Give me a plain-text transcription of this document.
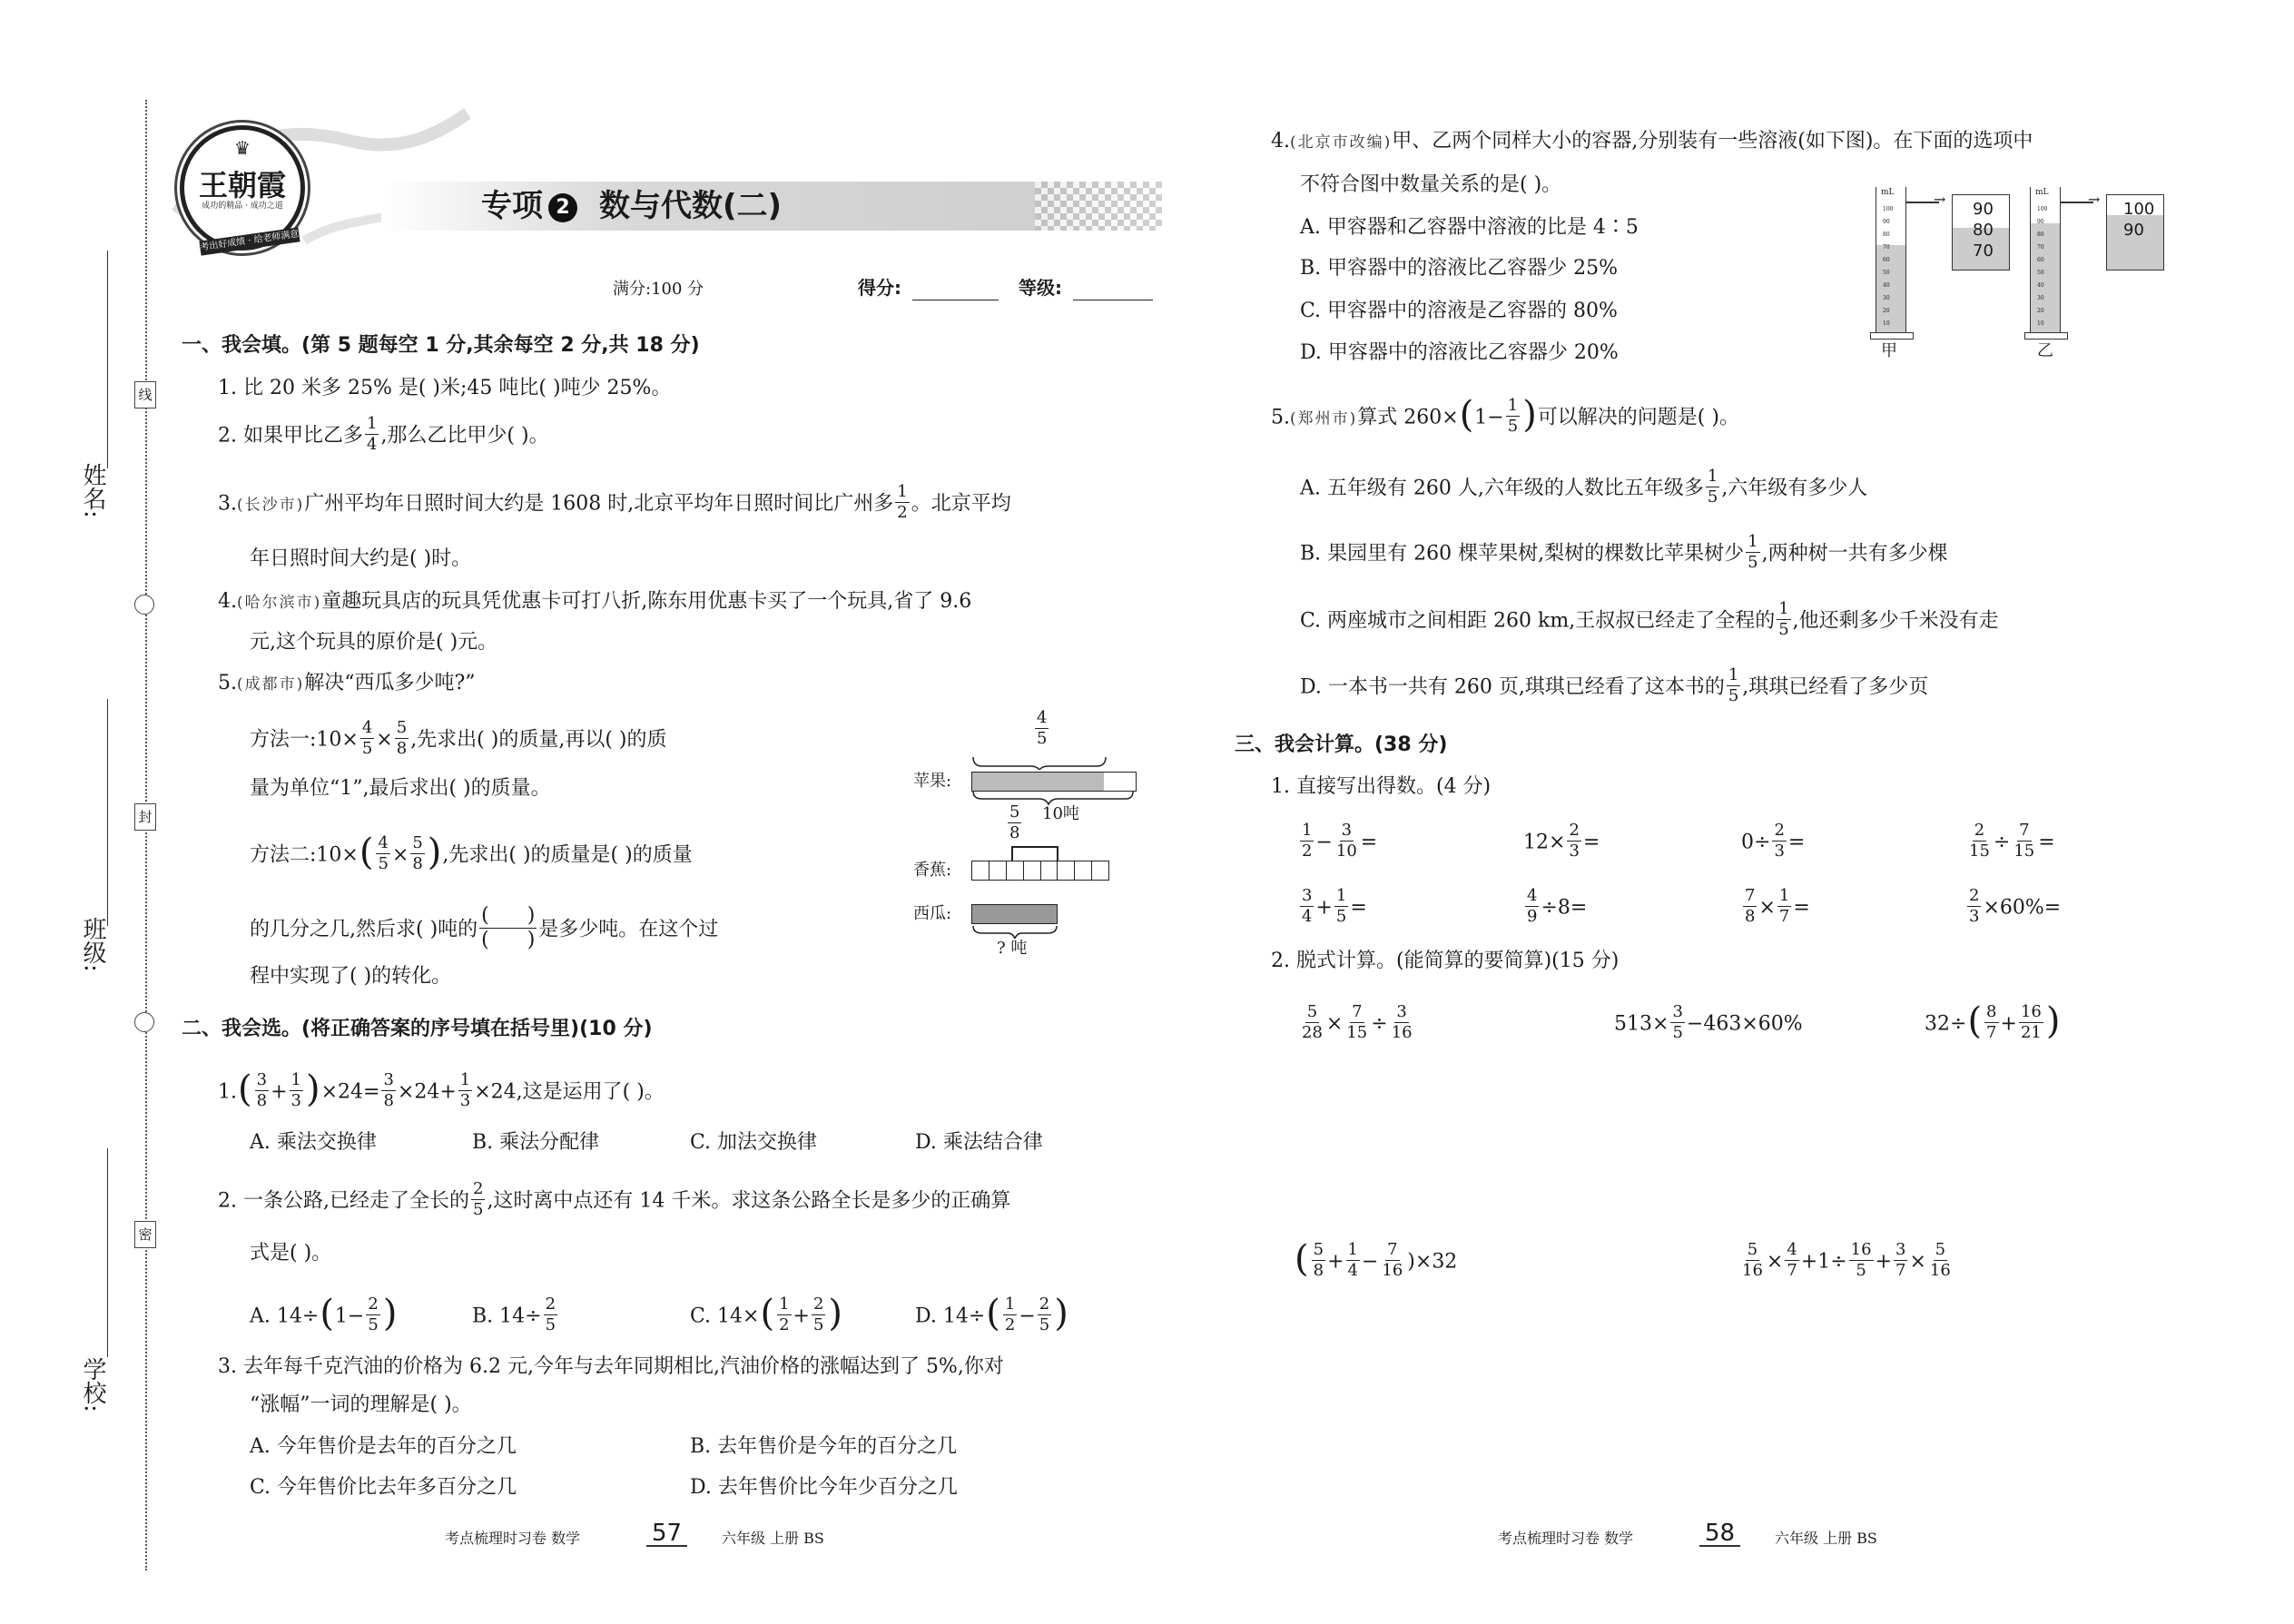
姓名:
班级:
学校:
线
封
密
王朝霞
成功的精品 · 成功之道
♛
考出好成绩 · 给老师满意
专项 2 数与代数(二)
满分:100 分	得分:	等级:
一、我会填。(第 5 题每空 1 分,其余每空 2 分,共 18 分)
1. 比 20 米多 25% 是( )米;45 吨比( )吨少 25%。
2. 如果甲比乙多 $\frac{1}{4}$ ,那么乙比甲少( )。
3.(长沙市)广州平均年日照时间大约是 1608 时,北京平均年日照时间比广州多 $\frac{1}{2}$ 。北京平均
年日照时间大约是( )时。
4.(哈尔滨市)童趣玩具店的玩具凭优惠卡可打八折,陈东用优惠卡买了一个玩具,省了 9.6
元,这个玩具的原价是( )元。
5.(成都市)解决“西瓜多少吨?”
方法一:10× $\frac{4}{5} \times \frac{5}{8}$ ,先求出( )的质量,再以( )的质
量为单位“1”,最后求出( )的质量。
方法二:10×( $\frac{4}{5} \times \frac{5}{8}$ ),先求出( )的质量是( )的质量
的几分之几,然后求( )吨的 $\frac{( )}{( )}$ 是多少吨。在这个过
程中实现了( )的转化。
$\frac{4}{5}$
苹果:
10吨
$\frac{5}{8}$
香蕉:
西瓜:
? 吨
二、我会选。(将正确答案的序号填在括号里)(10 分)
$1.( \frac{3}{8} + \frac{1}{3} )\times 24= \frac{3}{8} \times 24+ \frac{1}{3} \times 24$,这是运用了( )。
A. 乘法交换律	B. 乘法分配律	C. 加法交换律	D. 乘法结合律
2. 一条公路,已经走了全长的 $\frac{2}{5}$ ,这时离中点还有 14 千米。求这条公路全长是多少的正确算
式是( )。
A. $14\div(1- \frac{2}{5}$ )	B. $14\div \frac{2}{5}$	C. $14\times( \frac{1}{2} + \frac{2}{5}$ )	D. $14\div( \frac{1}{2} - \frac{2}{5}$ )
3. 去年每千克汽油的价格为 6.2 元,今年与去年同期相比,汽油价格的涨幅达到了 5%,你对
“涨幅”一词的理解是( )。
A. 今年售价是去年的百分之几	B. 去年售价是今年的百分之几
C. 今年售价比去年多百分之几	D. 去年售价比今年少百分之几
考点梳理时习卷 数学	57	六年级 上册 BS
4.(北京市改编)甲、乙两个同样大小的容器,分别装有一些溶液(如下图)。在下面的选项中
不符合图中数量关系的是( )。
A. 甲容器和乙容器中溶液的比是 4∶5
B. 甲容器中的溶液比乙容器少 25%
C. 甲容器中的溶液是乙容器的 80%
D. 甲容器中的溶液比乙容器少 20%
mL
100
90
80
70
60
50
40
30
20
10
→
90
80
70
甲
mL
100
90
80
70
60
50
40
30
20
10
→
100
90
乙
5.(郑州市)算式 $260\times(1- \frac{1}{5}$ )可以解决的问题是( )。
A. 五年级有 260 人,六年级的人数比五年级多 $\frac{1}{5}$ ,六年级有多少人
B. 果园里有 260 棵苹果树,梨树的棵数比苹果树少 $\frac{1}{5}$ ,两种树一共有多少棵
C. 两座城市之间相距 260 km,王叔叔已经走了全程的 $\frac{1}{5}$ ,他还剩多少千米没有走
D. 一本书一共有 260 页,琪琪已经看了这本书的 $\frac{1}{5}$ ,琪琪已经看了多少页
三、我会计算。(38 分)
1. 直接写出得数。(4 分)
$\frac{1}{2} - \frac{3}{10}$ =	$12\times \frac{2}{3}$ =	$0\div \frac{2}{3}$ =	$\frac{2}{15} \div \frac{7}{15}$ =
$\frac{3}{4} + \frac{1}{5}$ =	$\frac{4}{9} \div 8=$	$\frac{7}{8} \times \frac{1}{7}$ =	$\frac{2}{3} \times 60\%=$
2. 脱式计算。(能简算的要简算)(15 分)
$\frac{5}{28} \times \frac{7}{15} \div \frac{3}{16}$	$513\times \frac{3}{5} -463\times 60\%$	$32\div( \frac{8}{7} + \frac{16}{21}$ )
( $\frac{5}{8} + \frac{1}{4} - \frac{7}{16} )\times 32$	$\frac{5}{16} \times \frac{4}{7} +1\div \frac{16}{5} + \frac{3}{7} \times \frac{5}{16}$
考点梳理时习卷 数学	58	六年级 上册 BS
